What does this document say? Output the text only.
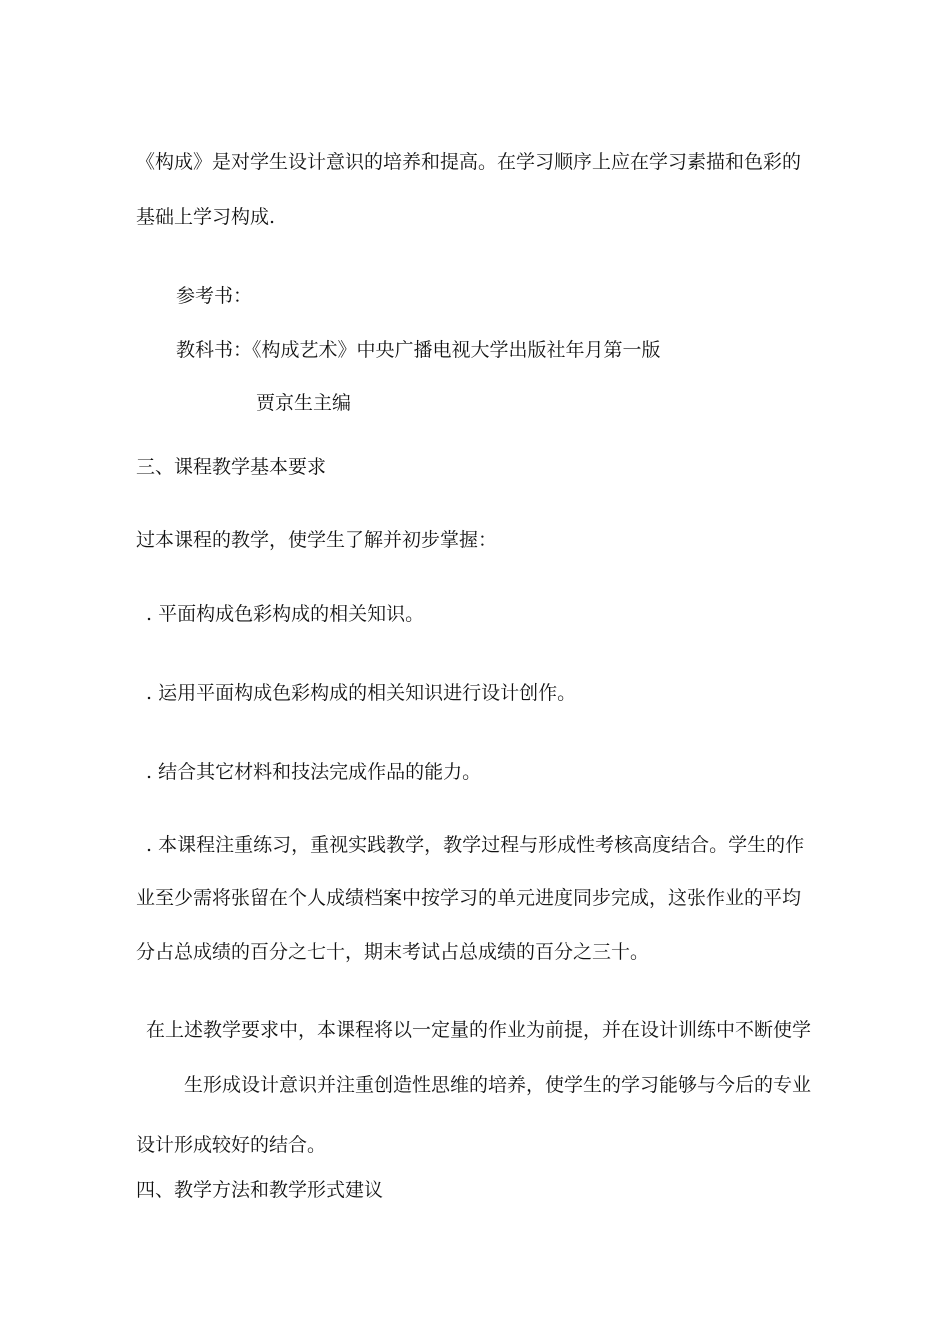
《构成》是对学生设计意识的培养和提高。在学习顺序上应在学习素描和色彩的
基础上学习构成.
参考书：
教科书：《构成艺术》中央广播电视大学出版社年月第一版
贾京生主编
三、课程教学基本要求
过本课程的教学，使学生了解并初步掌握：
. 平面构成色彩构成的相关知识。
. 运用平面构成色彩构成的相关知识进行设计创作。
. 结合其它材料和技法完成作品的能力。
. 本课程注重练习，重视实践教学，教学过程与形成性考核高度结合。学生的作
业至少需将张留在个人成绩档案中按学习的单元进度同步完成，这张作业的平均
分占总成绩的百分之七十，期末考试占总成绩的百分之三十。
在上述教学要求中，本课程将以一定量的作业为前提，并在设计训练中不断使学
生形成设计意识并注重创造性思维的培养，使学生的学习能够与今后的专业
设计形成较好的结合。
四、教学方法和教学形式建议
